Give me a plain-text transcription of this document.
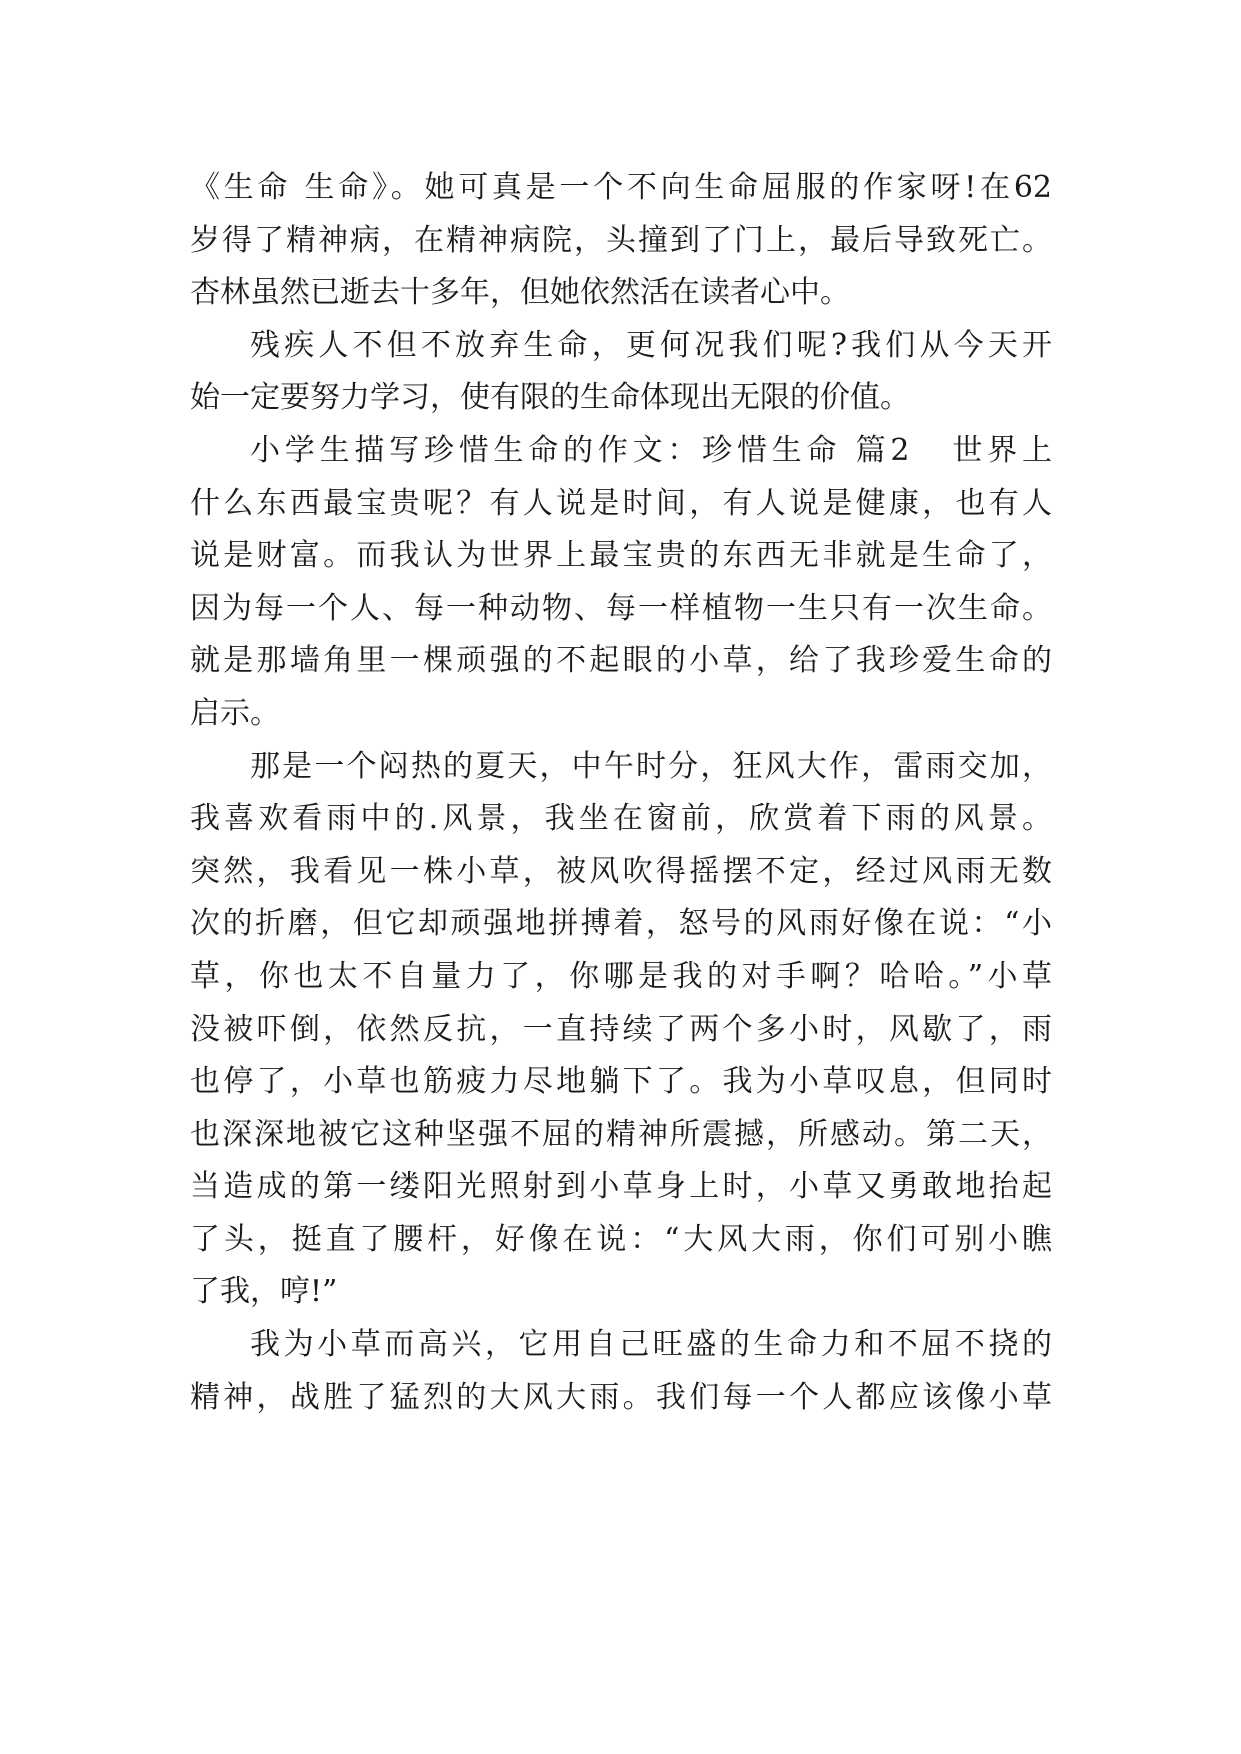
《生命 生命》。她可真是一个不向生命屈服的作家呀!在62
岁得了精神病，在精神病院，头撞到了门上，最后导致死亡。
杏林虽然已逝去十多年，但她依然活在读者心中。
残疾人不但不放弃生命，更何况我们呢?我们从今天开
始一定要努力学习，使有限的生命体现出无限的价值。
小学生描写珍惜生命的作文：珍惜生命 篇2   世界上
什么东西最宝贵呢？有人说是时间，有人说是健康，也有人
说是财富。而我认为世界上最宝贵的东西无非就是生命了，
因为每一个人、每一种动物、每一样植物一生只有一次生命。
就是那墙角里一棵顽强的不起眼的小草，给了我珍爱生命的
启示。
那是一个闷热的夏天，中午时分，狂风大作，雷雨交加，
我喜欢看雨中的.风景，我坐在窗前，欣赏着下雨的风景。
突然，我看见一株小草，被风吹得摇摆不定，经过风雨无数
次的折磨，但它却顽强地拼搏着，怒号的风雨好像在说：“小
草，你也太不自量力了，你哪是我的对手啊？哈哈。”小草
没被吓倒，依然反抗，一直持续了两个多小时，风歇了，雨
也停了，小草也筋疲力尽地躺下了。我为小草叹息，但同时
也深深地被它这种坚强不屈的精神所震撼，所感动。第二天，
当造成的第一缕阳光照射到小草身上时，小草又勇敢地抬起
了头，挺直了腰杆，好像在说：“大风大雨，你们可别小瞧
了我，哼!”
我为小草而高兴，它用自己旺盛的生命力和不屈不挠的
精神，战胜了猛烈的大风大雨。我们每一个人都应该像小草
